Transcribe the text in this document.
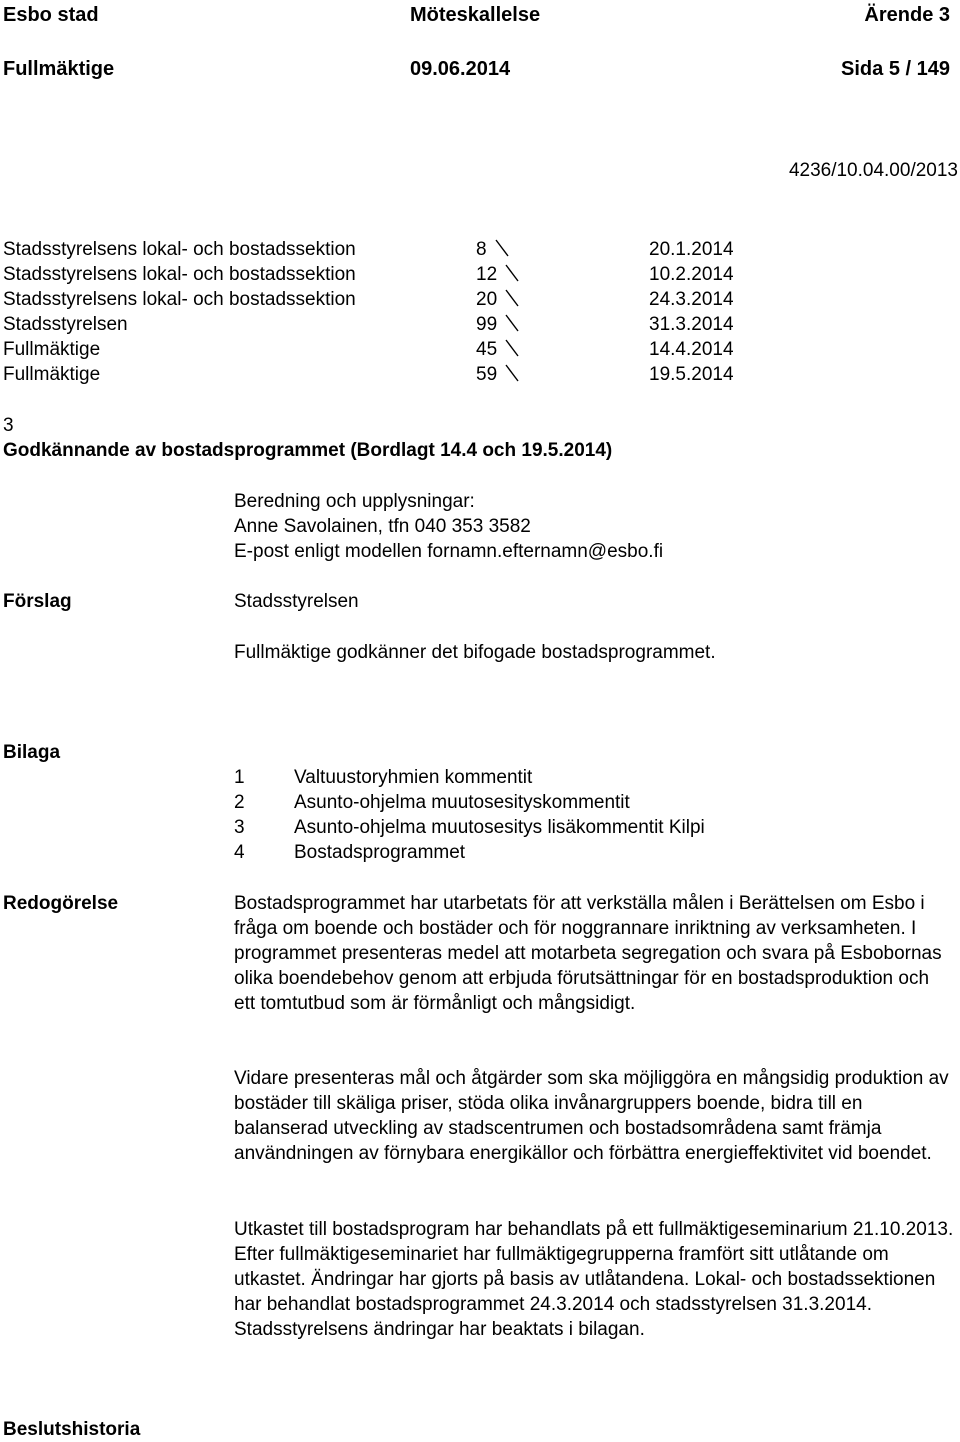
Esbo stad	Möteskallelse	Ärende 3
Fullmäktige	09.06.2014	Sida 5 / 149
4236/10.04.00/2013
Stadsstyrelsens lokal- och bostadssektion	8	20.1.2014
Stadsstyrelsens lokal- och bostadssektion	12	10.2.2014
Stadsstyrelsens lokal- och bostadssektion	20	24.3.2014
Stadsstyrelsen	99	31.3.2014
Fullmäktige	45	14.4.2014
Fullmäktige	59	19.5.2014
3
Godkännande av bostadsprogrammet (Bordlagt 14.4 och 19.5.2014)
Beredning och upplysningar:
Anne Savolainen, tfn 040 353 3582
E-post enligt modellen fornamn.efternamn@esbo.fi
Förslag	Stadsstyrelsen
Fullmäktige godkänner det bifogade bostadsprogrammet.
Bilaga
1	Valtuustoryhmien kommentit
2	Asunto-ohjelma muutosesityskommentit
3	Asunto-ohjelma muutosesitys lisäkommentit Kilpi
4	Bostadsprogrammet
Redogörelse	Bostadsprogrammet har utarbetats för att verkställa målen i Berättelsen om Esbo i fråga om boende och bostäder och för noggrannare inriktning av verksamheten. I programmet presenteras medel att motarbeta segregation och svara på Esbobornas olika boendebehov genom att erbjuda förutsättningar för en bostadsproduktion och ett tomtutbud som är förmånligt och mångsidigt.
Vidare presenteras mål och åtgärder som ska möjliggöra en mångsidig produktion av bostäder till skäliga priser, stöda olika invånargruppers boende, bidra till en balanserad utveckling av stadscentrumen och bostadsområdena samt främja användningen av förnybara energikällor och förbättra energieffektivitet vid boendet.
Utkastet till bostadsprogram har behandlats på ett fullmäktigeseminarium 21.10.2013. Efter fullmäktigeseminariet har fullmäktigegrupperna framfört sitt utlåtande om utkastet. Ändringar har gjorts på basis av utlåtandena. Lokal- och bostadssektionen har behandlat bostadsprogrammet 24.3.2014 och stadsstyrelsen 31.3.2014. Stadsstyrelsens ändringar har beaktats i bilagan.
Beslutshistoria
